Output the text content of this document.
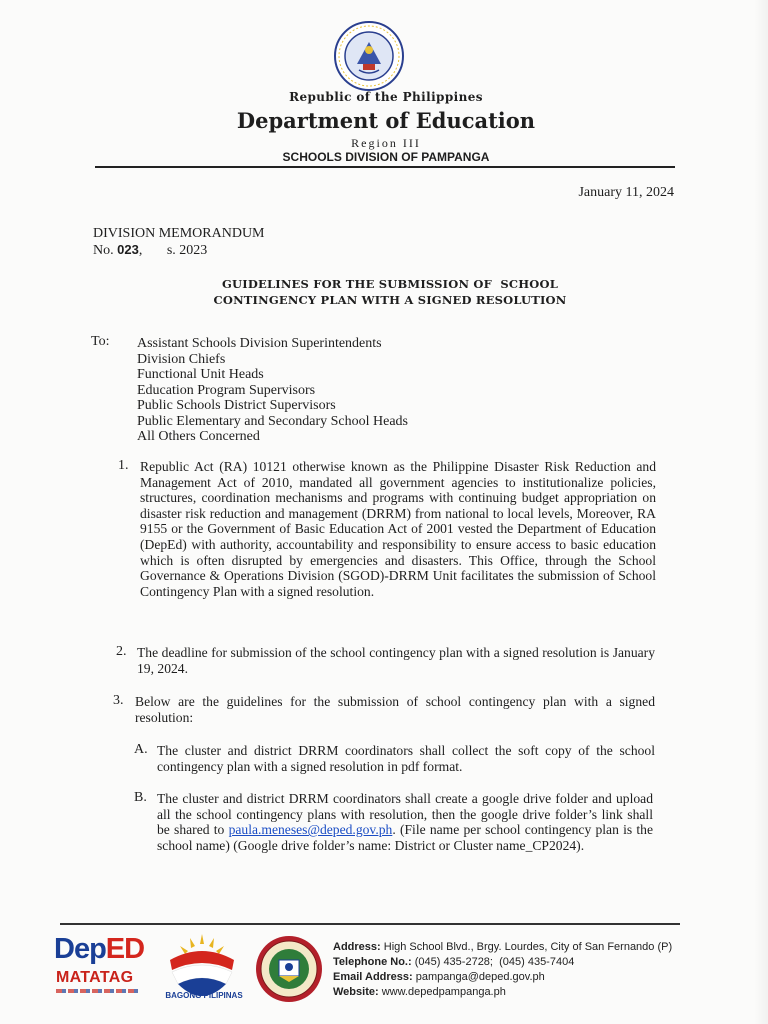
Republic of the Philippines
Department of Education
Region III
SCHOOLS DIVISION OF PAMPANGA
January 11, 2024
DIVISION MEMORANDUM
No. 023,       s. 2023
GUIDELINES FOR THE SUBMISSION OF  SCHOOL
CONTINGENCY PLAN WITH A SIGNED RESOLUTION
To: Assistant Schools Division Superintendents
Division Chiefs
Functional Unit Heads
Education Program Supervisors
Public Schools District Supervisors
Public Elementary and Secondary School Heads
All Others Concerned
1. Republic Act (RA) 10121 otherwise known as the Philippine Disaster Risk Reduction and Management Act of 2010, mandated all government agencies to institutionalize policies, structures, coordination mechanisms and programs with continuing budget appropriation on disaster risk reduction and management (DRRM) from national to local levels, Moreover, RA 9155 or the Government of Basic Education Act of 2001 vested the Department of Education (DepEd) with authority, accountability and responsibility to ensure access to basic education which is often disrupted by emergencies and disasters. This Office, through the School Governance & Operations Division (SGOD)-DRRM Unit facilitates the submission of School Contingency Plan with a signed resolution.

2. The deadline for submission of the school contingency plan with a signed resolution is January 19, 2024.

3. Below are the guidelines for the submission of school contingency plan with a signed resolution:

A. The cluster and district DRRM coordinators shall collect the soft copy of the school contingency plan with a signed resolution in pdf format.

B. The cluster and district DRRM coordinators shall create a google drive folder and upload all the school contingency plans with resolution, then the google drive folder’s link shall be shared to paula.meneses@deped.gov.ph. (File name per school contingency plan is the school name) (Google drive folder’s name: District or Cluster name_CP2024).

DepED
MATATAG
BAGONG PILIPINAS
Address: High School Blvd., Brgy. Lourdes, City of San Fernando (P)
Telephone No.: (045) 435-2728;  (045) 435-7404
Email Address: pampanga@deped.gov.ph
Website: www.depedpampanga.ph
